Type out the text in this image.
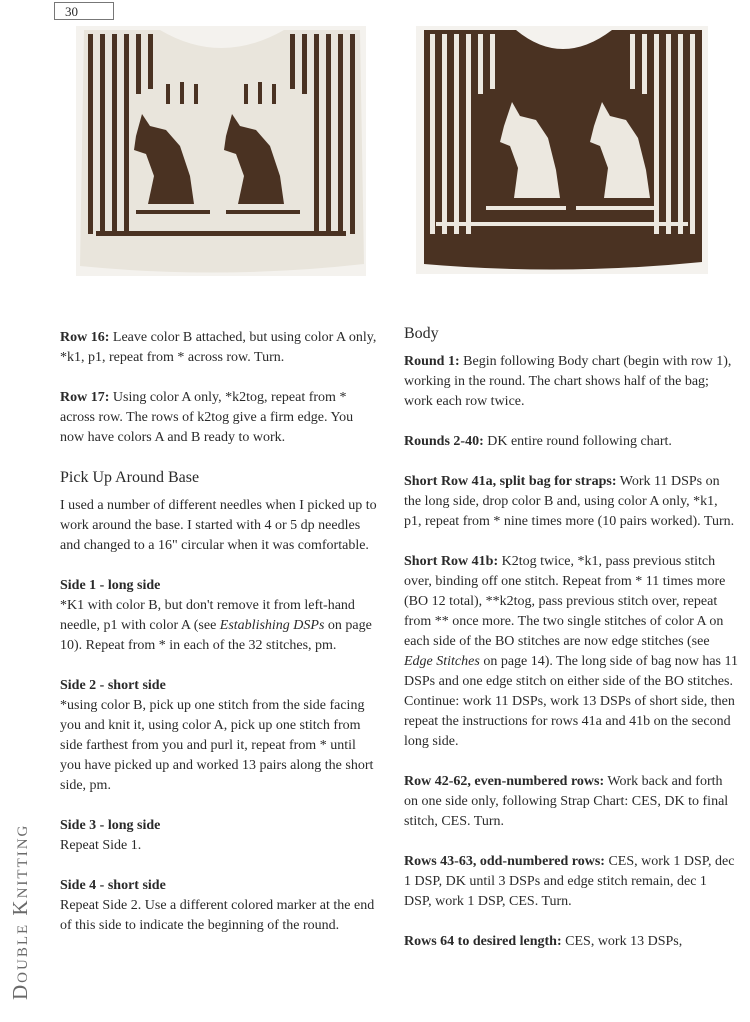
30
Double Knitting

Row 16: Leave color B attached, but using color A only, *k1, p1, repeat from * across row. Turn.

Row 17: Using color A only, *k2tog, repeat from * across row. The rows of k2tog give a firm edge. You now have colors A and B ready to work.

Pick Up Around Base

I used a number of different needles when I picked up to work around the base. I started with 4 or 5 dp needles and changed to a 16" circular when it was comfortable.

Side 1 - long side

*K1 with color B, but don't remove it from left-hand needle, p1 with color A (see Establishing DSPs on page 10). Repeat from * in each of the 32 stitches, pm.

Side 2 - short side

*using color B, pick up one stitch from the side facing you and knit it, using color A, pick up one stitch from side farthest from you and purl it, repeat from * until you have picked up and worked 13 pairs along the short side, pm.

Side 3 - long side

Repeat Side 1.

Side 4 - short side

Repeat Side 2. Use a different colored marker at the end of this side to indicate the beginning of the round.

Body

Round 1: Begin following Body chart (begin with row 1), working in the round. The chart shows half of the bag; work each row twice.

Rounds 2-40: DK entire round following chart.

Short Row 41a, split bag for straps: Work 11 DSPs on the long side, drop color B and, using color A only, *k1, p1, repeat from * nine times more (10 pairs worked). Turn.

Short Row 41b: K2tog twice, *k1, pass previous stitch over, binding off one stitch. Repeat from * 11 times more (BO 12 total), **k2tog, pass previous stitch over, repeat from ** once more. The two single stitches of color A on each side of the BO stitches are now edge stitches (see Edge Stitches on page 14). The long side of bag now has 11 DSPs and one edge stitch on either side of the BO stitches. Continue: work 11 DSPs, work 13 DSPs of short side, then repeat the instructions for rows 41a and 41b on the second long side.

Row 42-62, even-numbered rows: Work back and forth on one side only, following Strap Chart: CES, DK to final stitch, CES. Turn.

Rows 43-63, odd-numbered rows: CES, work 1 DSP, dec 1 DSP, DK until 3 DSPs and edge stitch remain, dec 1 DSP, work 1 DSP, CES. Turn.

Rows 64 to desired length: CES, work 13 DSPs,
